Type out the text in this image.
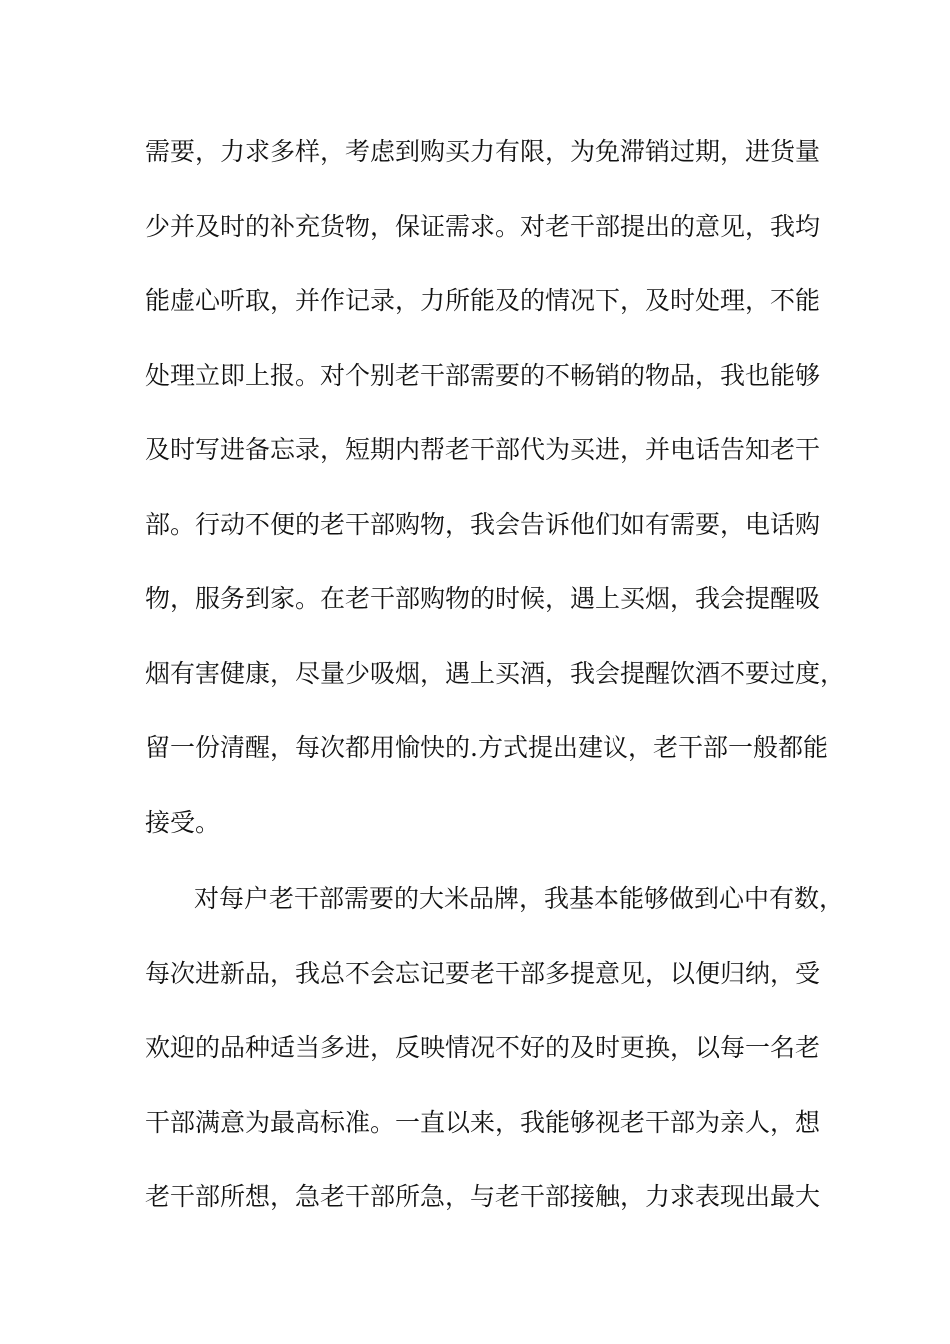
需要，力求多样，考虑到购买力有限，为免滞销过期，进货量
少并及时的补充货物，保证需求。对老干部提出的意见，我均
能虚心听取，并作记录，力所能及的情况下，及时处理，不能
处理立即上报。对个别老干部需要的不畅销的物品，我也能够
及时写进备忘录，短期内帮老干部代为买进，并电话告知老干
部。行动不便的老干部购物，我会告诉他们如有需要，电话购
物，服务到家。在老干部购物的时候，遇上买烟，我会提醒吸
烟有害健康，尽量少吸烟，遇上买酒，我会提醒饮酒不要过度，
留一份清醒，每次都用愉快的.方式提出建议，老干部一般都能
接受。
对每户老干部需要的大米品牌，我基本能够做到心中有数，
每次进新品，我总不会忘记要老干部多提意见，以便归纳，受
欢迎的品种适当多进，反映情况不好的及时更换，以每一名老
干部满意为最高标准。一直以来，我能够视老干部为亲人，想
老干部所想，急老干部所急，与老干部接触，力求表现出最大
